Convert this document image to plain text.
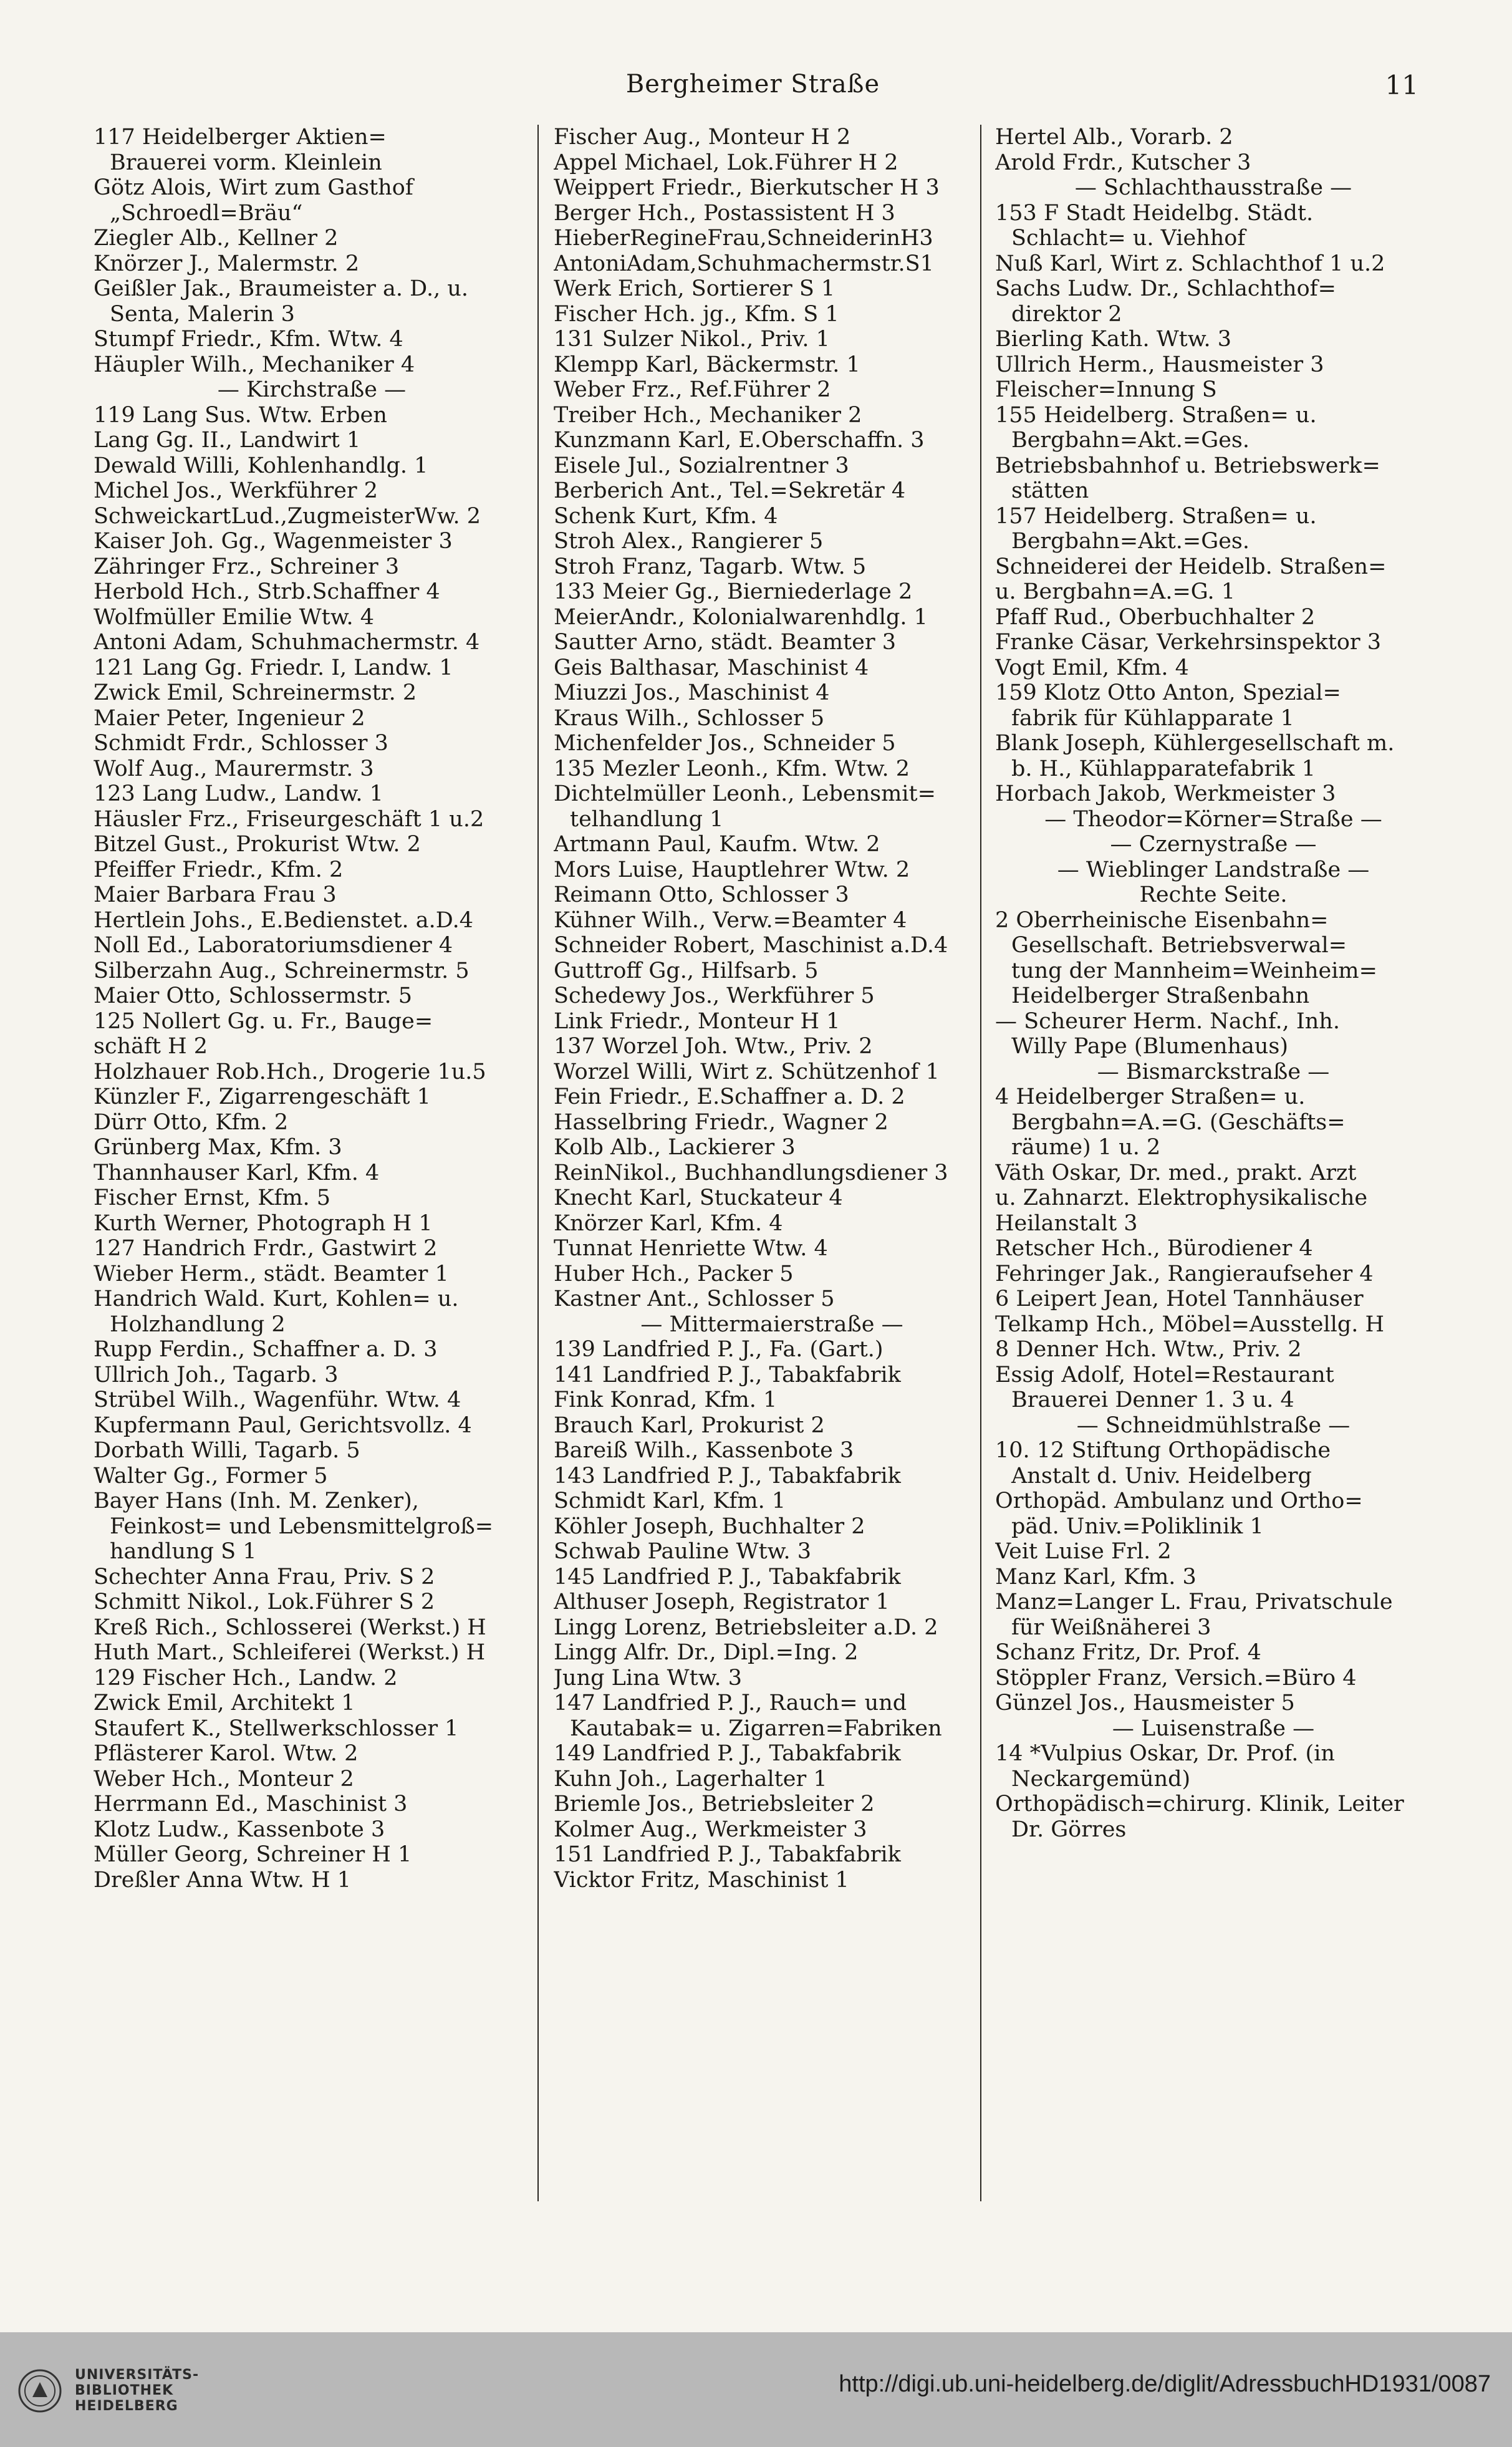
Bergheimer Straße	11
117 Heidelberger Aktien=
Brauerei vorm. Kleinlein
Götz Alois, Wirt zum Gasthof
„Schroedl=Bräu“
Ziegler Alb., Kellner 2
Knörzer J., Malermstr. 2
Geißler Jak., Braumeister a. D., u.
Senta, Malerin 3
Stumpf Friedr., Kfm. Wtw. 4
Häupler Wilh., Mechaniker 4
— Kirchstraße —
119 Lang Sus. Wtw. Erben
Lang Gg. II., Landwirt 1
Dewald Willi, Kohlenhandlg. 1
Michel Jos., Werkführer 2
SchweickartLud.,ZugmeisterWw. 2
Kaiser Joh. Gg., Wagenmeister 3
Zähringer Frz., Schreiner 3
Herbold Hch., Strb.Schaffner 4
Wolfmüller Emilie Wtw. 4
Antoni Adam, Schuhmachermstr. 4
121 Lang Gg. Friedr. I, Landw. 1
Zwick Emil, Schreinermstr. 2
Maier Peter, Ingenieur 2
Schmidt Frdr., Schlosser 3
Wolf Aug., Maurermstr. 3
123 Lang Ludw., Landw. 1
Häusler Frz., Friseurgeschäft 1 u.2
Bitzel Gust., Prokurist Wtw. 2
Pfeiffer Friedr., Kfm. 2
Maier Barbara Frau 3
Hertlein Johs., E.Bedienstet. a.D.4
Noll Ed., Laboratoriumsdiener 4
Silberzahn Aug., Schreinermstr. 5
Maier Otto, Schlossermstr. 5
125 Nollert Gg. u. Fr., Bauge=
schäft H 2
Holzhauer Rob.Hch., Drogerie 1u.5
Künzler F., Zigarrengeschäft 1
Dürr Otto, Kfm. 2
Grünberg Max, Kfm. 3
Thannhauser Karl, Kfm. 4
Fischer Ernst, Kfm. 5
Kurth Werner, Photograph H 1
127 Handrich Frdr., Gastwirt 2
Wieber Herm., städt. Beamter 1
Handrich Wald. Kurt, Kohlen= u.
Holzhandlung 2
Rupp Ferdin., Schaffner a. D. 3
Ullrich Joh., Tagarb. 3
Strübel Wilh., Wagenführ. Wtw. 4
Kupfermann Paul, Gerichtsvollz. 4
Dorbath Willi, Tagarb. 5
Walter Gg., Former 5
Bayer Hans (Inh. M. Zenker),
Feinkost= und Lebensmittelgroß=
handlung S 1
Schechter Anna Frau, Priv. S 2
Schmitt Nikol., Lok.Führer S 2
Kreß Rich., Schlosserei (Werkst.) H
Huth Mart., Schleiferei (Werkst.) H
129 Fischer Hch., Landw. 2
Zwick Emil, Architekt 1
Staufert K., Stellwerkschlosser 1
Pflästerer Karol. Wtw. 2
Weber Hch., Monteur 2
Herrmann Ed., Maschinist 3
Klotz Ludw., Kassenbote 3
Müller Georg, Schreiner H 1
Dreßler Anna Wtw. H 1
Fischer Aug., Monteur H 2
Appel Michael, Lok.Führer H 2
Weippert Friedr., Bierkutscher H 3
Berger Hch., Postassistent H 3
HieberRegineFrau,SchneiderinH3
AntoniAdam,Schuhmachermstr.S1
Werk Erich, Sortierer S 1
Fischer Hch. jg., Kfm. S 1
131 Sulzer Nikol., Priv. 1
Klempp Karl, Bäckermstr. 1
Weber Frz., Ref.Führer 2
Treiber Hch., Mechaniker 2
Kunzmann Karl, E.Oberschaffn. 3
Eisele Jul., Sozialrentner 3
Berberich Ant., Tel.=Sekretär 4
Schenk Kurt, Kfm. 4
Stroh Alex., Rangierer 5
Stroh Franz, Tagarb. Wtw. 5
133 Meier Gg., Bierniederlage 2
MeierAndr., Kolonialwarenhdlg. 1
Sautter Arno, städt. Beamter 3
Geis Balthasar, Maschinist 4
Miuzzi Jos., Maschinist 4
Kraus Wilh., Schlosser 5
Michenfelder Jos., Schneider 5
135 Mezler Leonh., Kfm. Wtw. 2
Dichtelmüller Leonh., Lebensmit=
telhandlung 1
Artmann Paul, Kaufm. Wtw. 2
Mors Luise, Hauptlehrer Wtw. 2
Reimann Otto, Schlosser 3
Kühner Wilh., Verw.=Beamter 4
Schneider Robert, Maschinist a.D.4
Guttroff Gg., Hilfsarb. 5
Schedewy Jos., Werkführer 5
Link Friedr., Monteur H 1
137 Worzel Joh. Wtw., Priv. 2
Worzel Willi, Wirt z. Schützenhof 1
Fein Friedr., E.Schaffner a. D. 2
Hasselbring Friedr., Wagner 2
Kolb Alb., Lackierer 3
ReinNikol., Buchhandlungsdiener 3
Knecht Karl, Stuckateur 4
Knörzer Karl, Kfm. 4
Tunnat Henriette Wtw. 4
Huber Hch., Packer 5
Kastner Ant., Schlosser 5
— Mittermaierstraße —
139 Landfried P. J., Fa. (Gart.)
141 Landfried P. J., Tabakfabrik
Fink Konrad, Kfm. 1
Brauch Karl, Prokurist 2
Bareiß Wilh., Kassenbote 3
143 Landfried P. J., Tabakfabrik
Schmidt Karl, Kfm. 1
Köhler Joseph, Buchhalter 2
Schwab Pauline Wtw. 3
145 Landfried P. J., Tabakfabrik
Althuser Joseph, Registrator 1
Lingg Lorenz, Betriebsleiter a.D. 2
Lingg Alfr. Dr., Dipl.=Ing. 2
Jung Lina Wtw. 3
147 Landfried P. J., Rauch= und
Kautabak= u. Zigarren=Fabriken
149 Landfried P. J., Tabakfabrik
Kuhn Joh., Lagerhalter 1
Briemle Jos., Betriebsleiter 2
Kolmer Aug., Werkmeister 3
151 Landfried P. J., Tabakfabrik
Vicktor Fritz, Maschinist 1
Hertel Alb., Vorarb. 2
Arold Frdr., Kutscher 3
— Schlachthausstraße —
153 F Stadt Heidelbg. Städt.
Schlacht= u. Viehhof
Nuß Karl, Wirt z. Schlachthof 1 u.2
Sachs Ludw. Dr., Schlachthof=
direktor 2
Bierling Kath. Wtw. 3
Ullrich Herm., Hausmeister 3
Fleischer=Innung S
155 Heidelberg. Straßen= u.
Bergbahn=Akt.=Ges.
Betriebsbahnhof u. Betriebswerk=
stätten
157 Heidelberg. Straßen= u.
Bergbahn=Akt.=Ges.
Schneiderei der Heidelb. Straßen=
u. Bergbahn=A.=G. 1
Pfaff Rud., Oberbuchhalter 2
Franke Cäsar, Verkehrsinspektor 3
Vogt Emil, Kfm. 4
159 Klotz Otto Anton, Spezial=
fabrik für Kühlapparate 1
Blank Joseph, Kühlergesellschaft m.
b. H., Kühlapparatefabrik 1
Horbach Jakob, Werkmeister 3
— Theodor=Körner=Straße —
— Czernystraße —
— Wieblinger Landstraße —
Rechte Seite.
2 Oberrheinische Eisenbahn=
Gesellschaft. Betriebsverwal=
tung der Mannheim=Weinheim=
Heidelberger Straßenbahn
— Scheurer Herm. Nachf., Inh.
Willy Pape (Blumenhaus)
— Bismarckstraße —
4 Heidelberger Straßen= u.
Bergbahn=A.=G. (Geschäfts=
räume) 1 u. 2
Väth Oskar, Dr. med., prakt. Arzt
u. Zahnarzt. Elektrophysikalische
Heilanstalt 3
Retscher Hch., Bürodiener 4
Fehringer Jak., Rangieraufseher 4
6 Leipert Jean, Hotel Tannhäuser
Telkamp Hch., Möbel=Ausstellg. H
8 Denner Hch. Wtw., Priv. 2
Essig Adolf, Hotel=Restaurant
Brauerei Denner 1. 3 u. 4
— Schneidmühlstraße —
10. 12 Stiftung Orthopädische
Anstalt d. Univ. Heidelberg
Orthopäd. Ambulanz und Ortho=
päd. Univ.=Poliklinik 1
Veit Luise Frl. 2
Manz Karl, Kfm. 3
Manz=Langer L. Frau, Privatschule
für Weißnäherei 3
Schanz Fritz, Dr. Prof. 4
Stöppler Franz, Versich.=Büro 4
Günzel Jos., Hausmeister 5
— Luisenstraße —
14 *Vulpius Oskar, Dr. Prof. (in
Neckargemünd)
Orthopädisch=chirurg. Klinik, Leiter
Dr. Görres
UNIVERSITÄTS-
BIBLIOTHEK
HEIDELBERG
http://digi.ub.uni-heidelberg.de/diglit/AdressbuchHD1931/0087
